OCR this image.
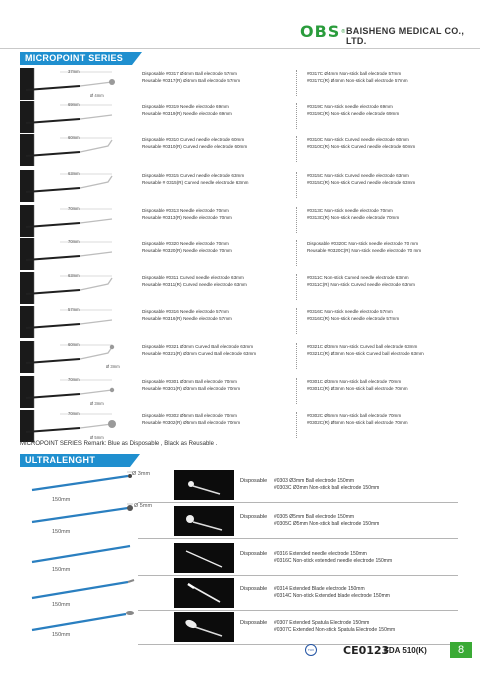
OBS ® BAISHENG MEDICAL CO., LTD.
MICROPOINT SERIES
37mm
Ø 4mm
Disposable #0317 Ø4mm Ball electrode 57mm
Reusable #0317(R) Ø4mm Ball electrode 57mm
#0317C Ø4mm Non-stick ball electrode 57mm
#0317C(R) Ø4mm Non-stick ball electrode 57mm
69mm	Disposable #0319 Needle electrode 69mm
Reusable #0319(R) Needle electrode 69mm
#0319C Non-stick needle electrode 69mm
#0319C(R) Non-stick needle electrode 69mm
60mm	Disposable #0310 Curved needle electrode 60mm
Reusable #0310(R) Curved needle electrode 60mm
#0310C Non-stick Curved needle electrode 60mm
#0310C(R) Non-stick Curved needle electrode 60mm
63mm	Disposable #0315 Curved needle electrode 63mm
Reusable # 0315(R) Curved needle electrode 63mm
#0315C Non-stick Curved needle electrode 63mm
#0315C(R) Non-stick Curved needle electrode 63mm
70mm	Disposable #0313 Needle electrode 70mm
Reusable #0313(R) Needle electrode 70mm
#0313C Non-stick needle electrode 70mm
#0313C(R) Non-stick needle electrode 70mm
70mm	Disposable #0320 Needle electrode 70mm
Reusable #0320(R) Needle electrode 70mm
Disposable #0320C Non-stick needle electrode 70 mm
Reusable #0320C(R) Non-stick needle electrode 70 mm
63mm	Disposable #0311 Curved needle electrode 63mm
Reusable #0311(R) Curved needle electrode 63mm
#0311C Non-stick Curved needle electrode 63mm
#0311C(R) Non-stick Curved needle electrode 63mm
57mm	Disposable #0316 Needle electrode 57mm
Reusable #0316(R) Needle electrode 57mm
#0316C Non-stick needle electrode 57mm
#0316C(R) Non-stick needle electrode 57mm
60mm
Ø 3mm
Disposable #0321 Ø3mm Curved Ball electrode 63mm
Reusable #0321(R) Ø3mm Curved Ball electrode 63mm
#0321C Ø3mm Non-stick Curved ball electrode 63mm
#0321C(R) Ø3mm Non-stick Curved ball electrode 63mm
70mm
Ø 3mm
Disposable #0301 Ø3mm Ball electrode 70mm
Reusable #0301(R) Ø3mm Ball electrode 70mm
#0301C Ø3mm Non-stick ball electrode 70mm
#0301C(R) Ø3mm Non-stick ball electrode 70mm
70mm
Ø 5mm
Disposable #0302 Ø5mm Ball electrode 70mm
Reusable #0302(R) Ø5mm Ball electrode 70mm
#0302C Ø5mm Non-stick ball electrode 70mm
#0302C(R) Ø5mm Non-stick ball electrode 70mm
MICROPOINT SERIES Remark: Blue as Disposable , Black as Reusable .
ULTRALENGHT SERIES	Ø 3mm
Ø 5mm
150mm
150mm
150mm
150mm
150mm
Disposable #0303 Ø3mm Ball electrode 150mm
#0303C Ø3mm Non-stick ball electrode 150mm
Disposable #0305 Ø5mm Ball electrode 150mm
#0305C Ø5mm Non-stick ball electrode 150mm
Disposable #0316 Extended needle electrode 150mm
#0316C Non-stick extended needle electrode 150mm
Disposable #0314 Extended Blade electrode 150mm
#0314C Non-stick Extended blade electrode 150mm
Disposable #0307 Extended Spatula Electrode 150mm
#0307C Extended Non-stick Spatula Electrode 150mm
TUV	CE0123
FDA 510(K)	8
